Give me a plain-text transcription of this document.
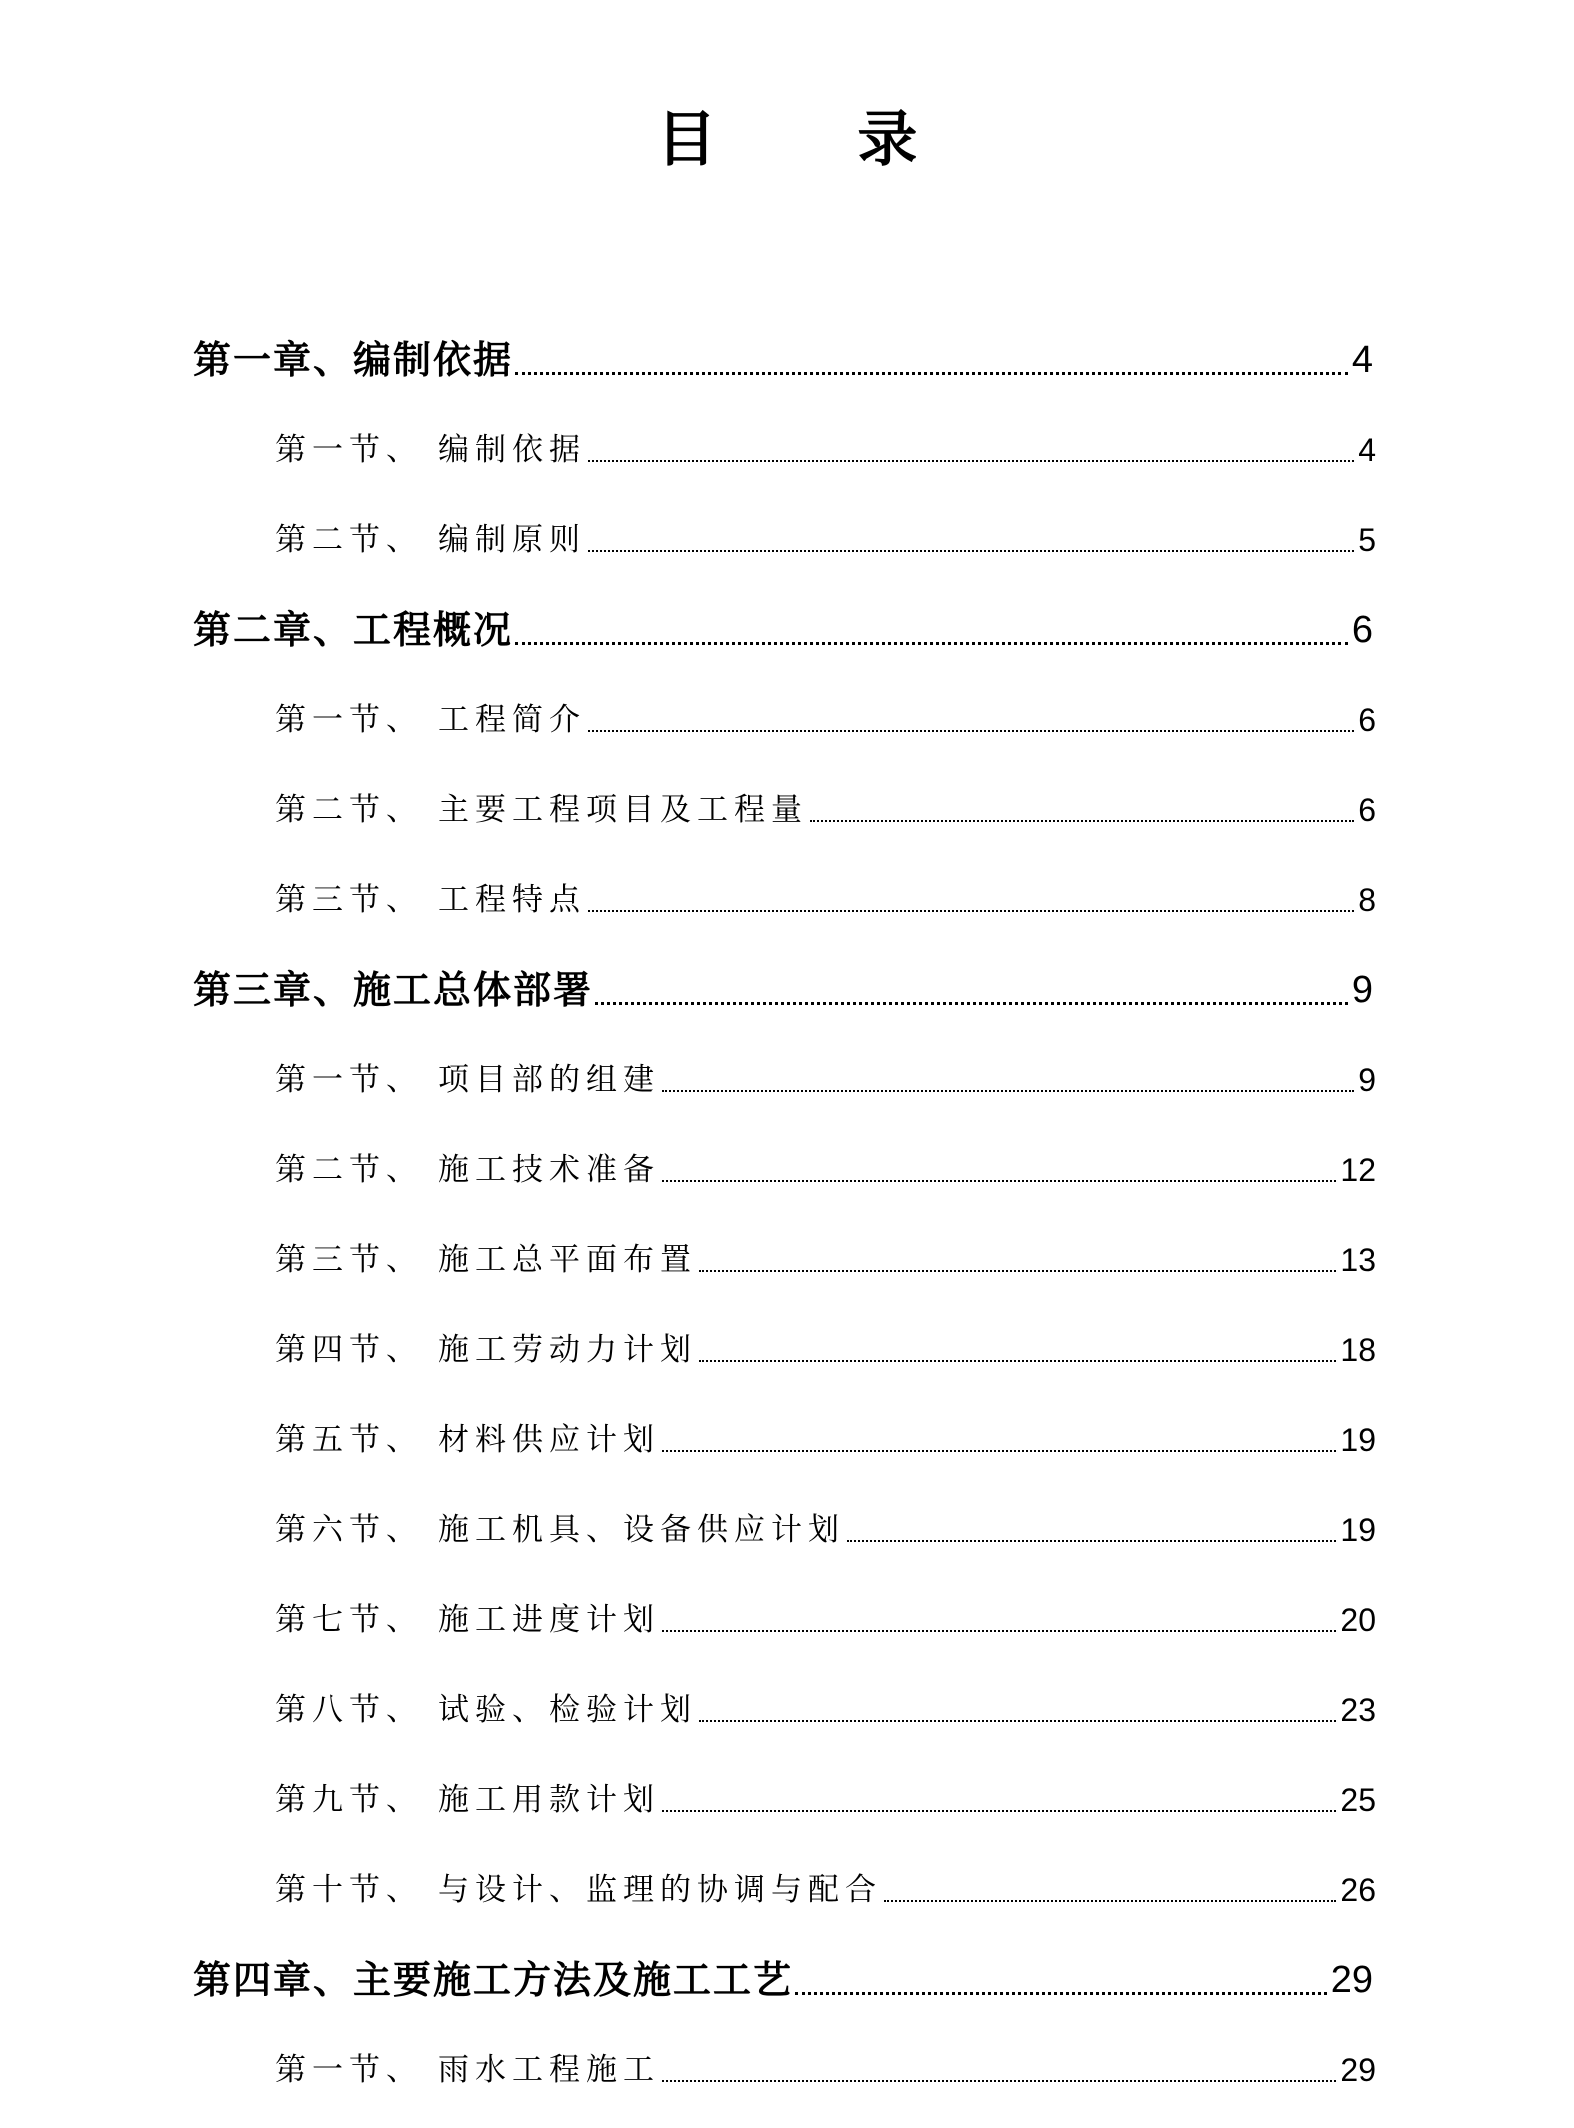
目 录
第一章、编制依据	4
第一节、 编制依据	4
第二节、 编制原则	5
第二章、工程概况	6
第一节、 工程简介	6
第二节、 主要工程项目及工程量	6
第三节、 工程特点	8
第三章、施工总体部署	9
第一节、 项目部的组建	9
第二节、 施工技术准备	12
第三节、 施工总平面布置	13
第四节、 施工劳动力计划	18
第五节、 材料供应计划	19
第六节、 施工机具、设备供应计划	19
第七节、 施工进度计划	20
第八节、 试验、检验计划	23
第九节、 施工用款计划	25
第十节、 与设计、监理的协调与配合	26
第四章、主要施工方法及施工工艺	29
第一节、 雨水工程施工	29
